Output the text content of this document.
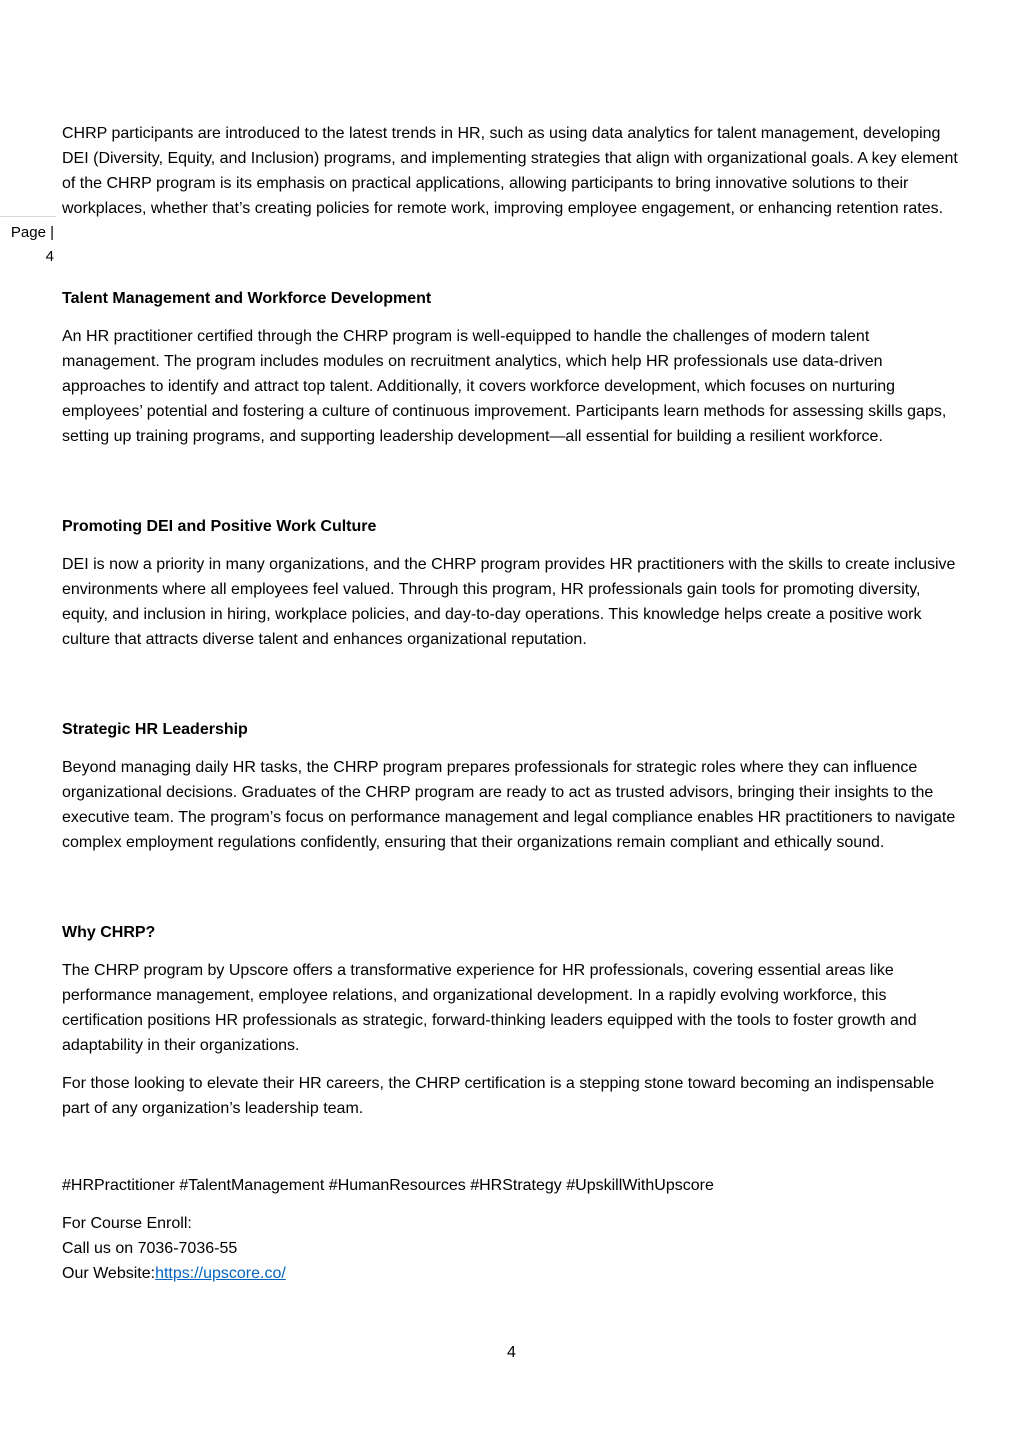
Page |
4

CHRP participants are introduced to the latest trends in HR, such as using data analytics for talent management, developing DEI (Diversity, Equity, and Inclusion) programs, and implementing strategies that align with organizational goals. A key element of the CHRP program is its emphasis on practical applications, allowing participants to bring innovative solutions to their workplaces, whether that’s creating policies for remote work, improving employee engagement, or enhancing retention rates.

Talent Management and Workforce Development

An HR practitioner certified through the CHRP program is well-equipped to handle the challenges of modern talent management. The program includes modules on recruitment analytics, which help HR professionals use data-driven approaches to identify and attract top talent. Additionally, it covers workforce development, which focuses on nurturing employees’ potential and fostering a culture of continuous improvement. Participants learn methods for assessing skills gaps, setting up training programs, and supporting leadership development—all essential for building a resilient workforce.

Promoting DEI and Positive Work Culture

DEI is now a priority in many organizations, and the CHRP program provides HR practitioners with the skills to create inclusive environments where all employees feel valued. Through this program, HR professionals gain tools for promoting diversity, equity, and inclusion in hiring, workplace policies, and day-to-day operations. This knowledge helps create a positive work culture that attracts diverse talent and enhances organizational reputation.

Strategic HR Leadership

Beyond managing daily HR tasks, the CHRP program prepares professionals for strategic roles where they can influence organizational decisions. Graduates of the CHRP program are ready to act as trusted advisors, bringing their insights to the executive team. The program’s focus on performance management and legal compliance enables HR practitioners to navigate complex employment regulations confidently, ensuring that their organizations remain compliant and ethically sound.

Why CHRP?

The CHRP program by Upscore offers a transformative experience for HR professionals, covering essential areas like performance management, employee relations, and organizational development. In a rapidly evolving workforce, this certification positions HR professionals as strategic, forward-thinking leaders equipped with the tools to foster growth and adaptability in their organizations.

For those looking to elevate their HR careers, the CHRP certification is a stepping stone toward becoming an indispensable part of any organization’s leadership team.

#HRPractitioner #TalentManagement #HumanResources #HRStrategy #UpskillWithUpscore

For Course Enroll:
Call us on 7036-7036-55
Our Website:https://upscore.co/

4
